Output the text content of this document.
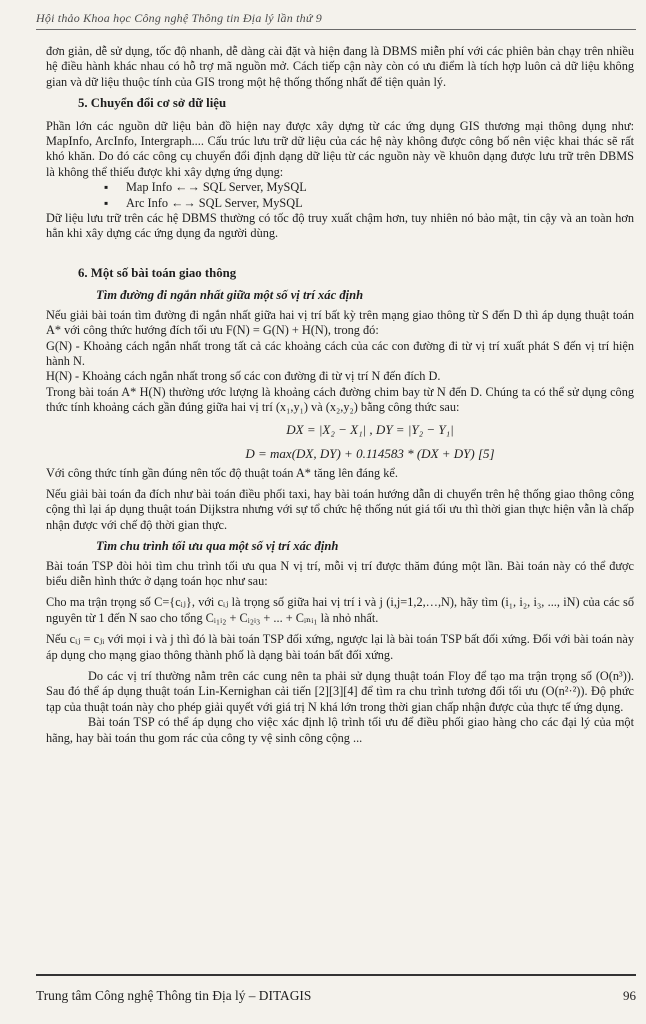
Hội thảo Khoa học Công nghệ Thông tin Địa lý lần thứ 9

đơn giản, dễ sử dụng, tốc độ nhanh, dễ dàng cài đặt và hiện đang là DBMS miễn phí với các phiên bản chạy trên nhiều hệ điều hành khác nhau có hỗ trợ mã nguồn mở. Cách tiếp cận này còn có ưu điểm là tích hợp luôn cả dữ liệu không gian và dữ liệu thuộc tính của GIS trong một hệ thống thống nhất để tiện quản lý.

5. Chuyển đổi cơ sở dữ liệu

Phần lớn các nguồn dữ liệu bản đồ hiện nay được xây dựng từ các ứng dụng GIS thương mại thông dụng như: MapInfo, ArcInfo, Intergraph.... Cấu trúc lưu trữ dữ liệu của các hệ này không được công bố nên việc khai thác sẽ rất khó khăn. Do đó các công cụ chuyển đổi định dạng dữ liệu từ các nguồn này về khuôn dạng được lưu trữ trên DBMS là không thể thiếu được khi xây dựng ứng dụng:

▪ Map Info ←→ SQL Server, MySQL
▪ Arc Info ←→ SQL Server, MySQL

Dữ liệu lưu trữ trên các hệ DBMS thường có tốc độ truy xuất chậm hơn, tuy nhiên nó bảo mật, tin cậy và an toàn hơn hẳn khi xây dựng các ứng dụng đa người dùng.

6. Một số bài toán giao thông
Tìm đường đi ngắn nhất giữa một số vị trí xác định

Nếu giải bài toán tìm đường đi ngắn nhất giữa hai vị trí bất kỳ trên mạng giao thông từ S đến D thì áp dụng thuật toán A* với công thức hướng đích tối ưu F(N) = G(N) + H(N), trong đó:

G(N) - Khoảng cách ngắn nhất trong tất cả các khoảng cách của các con đường đi từ vị trí xuất phát S đến vị trí hiện hành N.

H(N) - Khoảng cách ngắn nhất trong số các con đường đi từ vị trí N đến đích D.

Trong bài toán A* H(N) thường ước lượng là khoảng cách đường chim bay từ N đến D. Chúng ta có thể sử dụng công thức tính khoảng cách gần đúng giữa hai vị trí (x₁,y₁) và (x₂,y₂) bằng công thức sau:

DX = |X₂ − X₁| , DY = |Y₂ − Y₁|
D = max(DX, DY) + 0.114583 * (DX + DY) [5]

Với công thức tính gần đúng nên tốc độ thuật toán A* tăng lên đáng kể.

Nếu giải bài toán đa đích như bài toán điều phối taxi, hay bài toán hướng dẫn di chuyển trên hệ thống giao thông công cộng thì lại áp dụng thuật toán Dijkstra nhưng với sự tổ chức hệ thống nút giá tối ưu thì thời gian thực hiện vẫn là chấp nhận được với chế độ thời gian thực.

Tìm chu trình tối ưu qua một số vị trí xác định

Bài toán TSP đòi hỏi tìm chu trình tối ưu qua N vị trí, mỗi vị trí được thăm đúng một lần. Bài toán này có thể được biểu diễn hình thức ở dạng toán học như sau:

Cho ma trận trọng số C={cᵢⱼ}, với cᵢⱼ là trọng số giữa hai vị trí i và j (i,j=1,2,…,N), hãy tìm (i₁, i₂, i₃, ..., iN) của các số nguyên từ 1 đến N sao cho tổng Cᵢ₁ᵢ₂ + Cᵢ₂ᵢ₃ + ... + Cᵢₙᵢ₁ là nhỏ nhất.

Nếu cᵢⱼ = cⱼᵢ với mọi i và j thì đó là bài toán TSP đối xứng, ngược lại là bài toán TSP bất đối xứng. Đối với bài toán này áp dụng cho mạng giao thông thành phố là dạng bài toán bất đối xứng.

Do các vị trí thường nằm trên các cung nên ta phải sử dụng thuật toán Floy để tạo ma trận trọng số (O(n³)). Sau đó thể áp dụng thuật toán Lin-Kernighan cải tiến [2][3][4] để tìm ra chu trình tương đối tối ưu (O(n²·²)). Độ phức tạp của thuật toán này cho phép giải quyết với giá trị N khá lớn trong thời gian chấp nhận được của thực tế ứng dụng.

Bài toán TSP có thể áp dụng cho việc xác định lộ trình tối ưu để điều phối giao hàng cho các đại lý của một hãng, hay bài toán thu gom rác của công ty vệ sinh công cộng ...

Trung tâm Công nghệ Thông tin Địa lý – DITAGIS	96
